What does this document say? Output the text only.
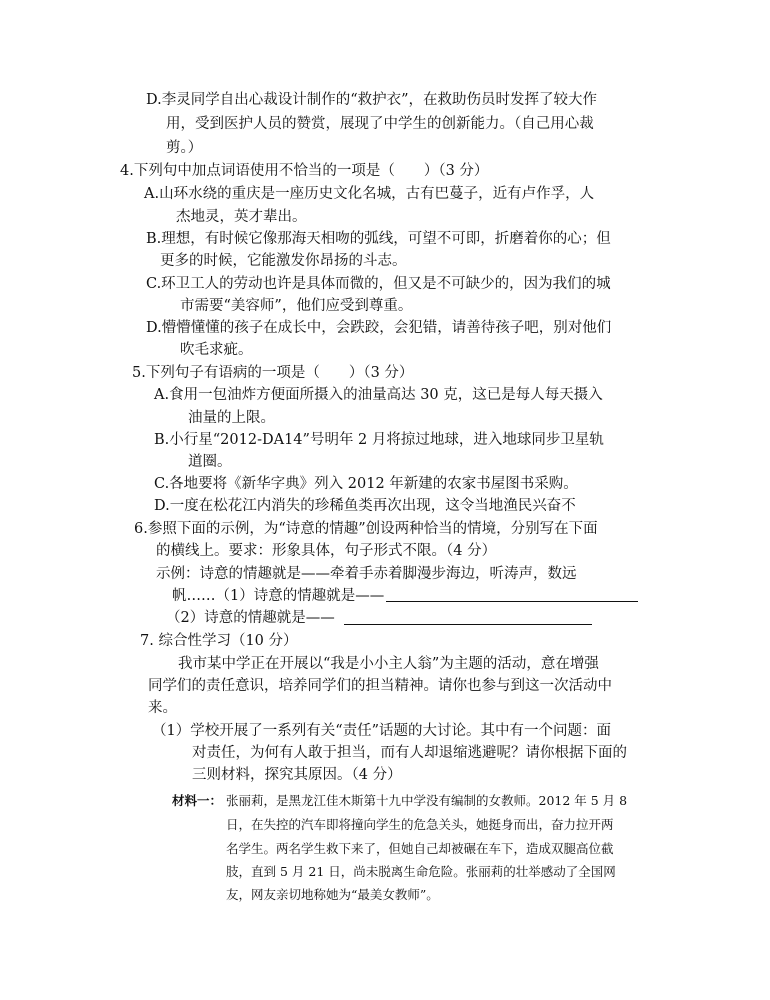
D.李灵同学自出心裁设计制作的“救护衣”，在救助伤员时发挥了较大作
用，受到医护人员的赞赏，展现了中学生的创新能力。（自己用心裁
剪。）
4.下列句中加点词语使用不恰当的一项是（　　）（3 分）
A.山环水绕的重庆是一座历史文化名城，古有巴蔓子，近有卢作孚，人
杰地灵，英才辈出。
B.理想，有时候它像那海天相吻的弧线，可望不可即，折磨着你的心；但
更多的时候，它能激发你昂扬的斗志。
C.环卫工人的劳动也许是具体而微的，但又是不可缺少的，因为我们的城
市需要“美容师”，他们应受到尊重。
D.懵懵懂懂的孩子在成长中，会跌跤，会犯错，请善待孩子吧，别对他们
吹毛求疵。
5.下列句子有语病的一项是（　　）（3 分）
A.食用一包油炸方便面所摄入的油量高达 30 克，这已是每人每天摄入
油量的上限。
B.小行星“2012-DA14”号明年 2 月将掠过地球，进入地球同步卫星轨
道圈。
C.各地要将《新华字典》列入 2012 年新建的农家书屋图书采购。
D.一度在松花江内消失的珍稀鱼类再次出现，这令当地渔民兴奋不
6.参照下面的示例，为“诗意的情趣”创设两种恰当的情境，分别写在下面
的横线上。要求：形象具体，句子形式不限。（4 分）
示例：诗意的情趣就是——牵着手赤着脚漫步海边，听涛声，数远
帆……（1）诗意的情趣就是——
（2）诗意的情趣就是——
7. 综合性学习（10 分）
我市某中学正在开展以“我是小小主人翁”为主题的活动，意在增强
同学们的责任意识，培养同学们的担当精神。请你也参与到这一次活动中
来。
（1）学校开展了一系列有关“责任”话题的大讨论。其中有一个问题：面
对责任，为何有人敢于担当，而有人却退缩逃避呢？请你根据下面的
三则材料，探究其原因。（4 分）
材料一： 张丽莉，是黑龙江佳木斯第十九中学没有编制的女教师。2012 年 5 月 8
日，在失控的汽车即将撞向学生的危急关头，她挺身而出，奋力拉开两
名学生。两名学生救下来了，但她自己却被碾在车下，造成双腿高位截
肢，直到 5 月 21 日，尚未脱离生命危险。张丽莉的壮举感动了全国网
友，网友亲切地称她为“最美女教师”。
